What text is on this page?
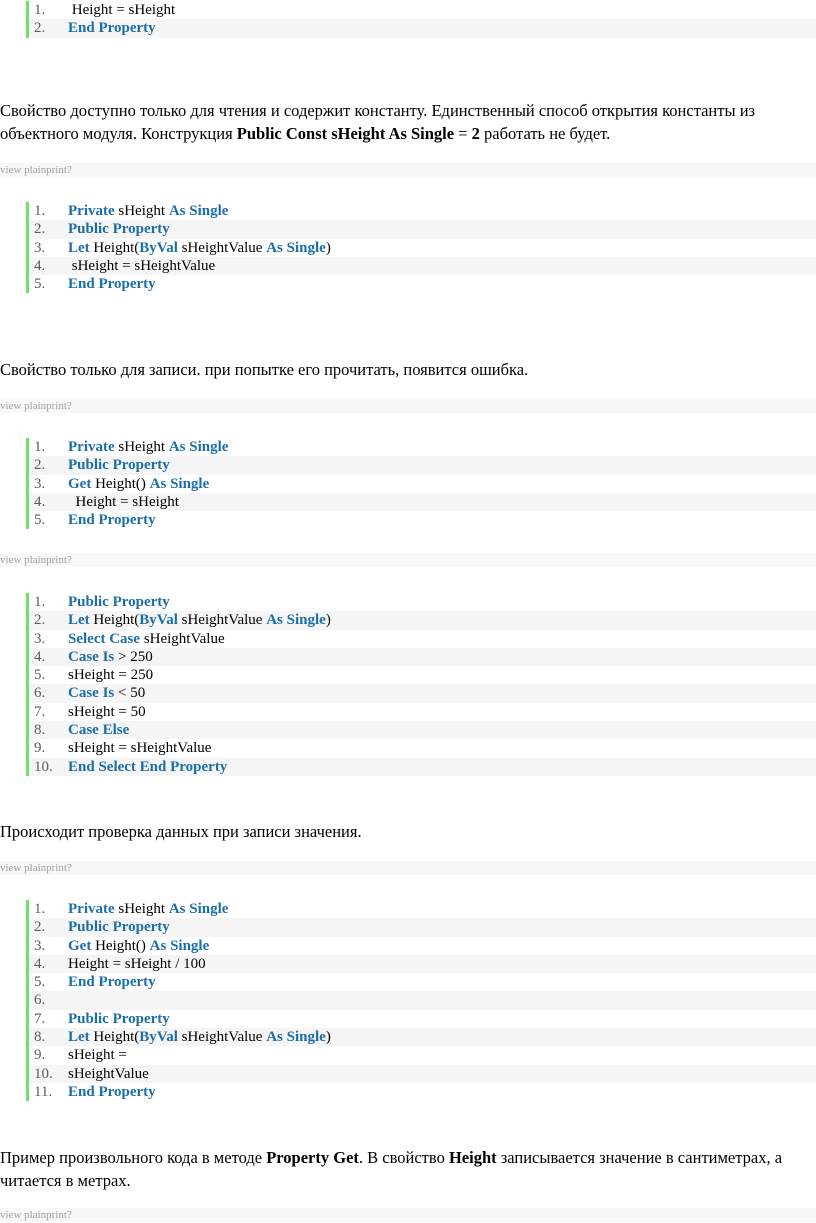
1. Height = sHeight
2. End Property
Свойство доступно только для чтения и содержит константу. Единственный способ открытия константы из объектного модуля. Конструкция Public Const sHeight As Single = 2 работать не будет.
view plainprint?
1. Private sHeight As Single
2. Public Property
3. Let Height(ByVal sHeightValue As Single)
4. sHeight = sHeightValue
5. End Property
Свойство только для записи. при попытке его прочитать, появится ошибка.
view plainprint?
1. Private sHeight As Single
2. Public Property
3. Get Height() As Single
4.  Height = sHeight
5. End Property
view plainprint?
1. Public Property
2. Let Height(ByVal sHeightValue As Single)
3. Select Case sHeightValue
4. Case Is > 250
5. sHeight = 250
6. Case Is < 50
7. sHeight = 50
8. Case Else
9. sHeight = sHeightValue
10. End Select End Property
Происходит проверка данных при записи значения.
view plainprint?
1. Private sHeight As Single
2. Public Property
3. Get Height() As Single
4. Height = sHeight / 100
5. End Property
6.
7. Public Property
8. Let Height(ByVal sHeightValue As Single)
9. sHeight =
10. sHeightValue
11. End Property
Пример произвольного кода в методе Property Get. В свойство Height записывается значение в сантиметрах, а читается в метрах.
view plainprint?
